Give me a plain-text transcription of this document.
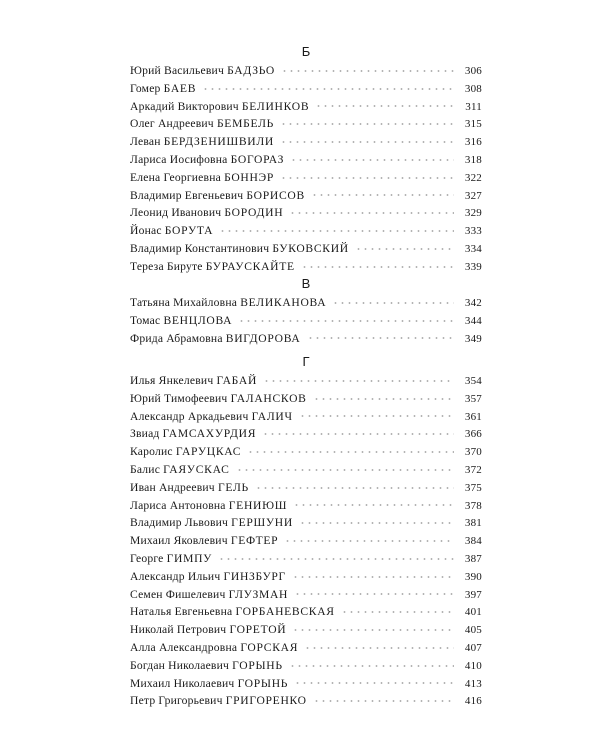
Б
Юрий Васильевич БАДЗЬО	306
Гомер БАЕВ	308
Аркадий Викторович БЕЛИНКОВ	311
Олег Андреевич БЕМБЕЛЬ	315
Леван БЕРДЗЕНИШВИЛИ	316
Лариса Иосифовна БОГОРАЗ	318
Елена Георгиевна БОННЭР	322
Владимир Евгеньевич БОРИСОВ	327
Леонид Иванович БОРОДИН	329
Йонас БОРУТА	333
Владимир Константинович БУКОВСКИЙ	334
Тереза Бируте БУРАУСКАЙТЕ	339
В
Татьяна Михайловна ВЕЛИКАНОВА	342
Томас ВЕНЦЛОВА	344
Фрида Абрамовна ВИГДОРОВА	349
Г
Илья Янкелевич ГАБАЙ	354
Юрий Тимофеевич ГАЛАНСКОВ	357
Александр Аркадьевич ГАЛИЧ	361
Звиад ГАМСАХУРДИЯ	366
Каролис ГАРУЦКАС	370
Балис ГАЯУСКАС	372
Иван Андреевич ГЕЛЬ	375
Лариса Антоновна ГЕНИЮШ	378
Владимир Львович ГЕРШУНИ	381
Михаил Яковлевич ГЕФТЕР	384
Георге ГИМПУ	387
Александр Ильич ГИНЗБУРГ	390
Семен Фишелевич ГЛУЗМАН	397
Наталья Евгеньевна ГОРБАНЕВСКАЯ	401
Николай Петрович ГОРЕТОЙ	405
Алла Александровна ГОРСКАЯ	407
Богдан Николаевич ГОРЫНЬ	410
Михаил Николаевич ГОРЫНЬ	413
Петр Григорьевич ГРИГОРЕНКО	416
